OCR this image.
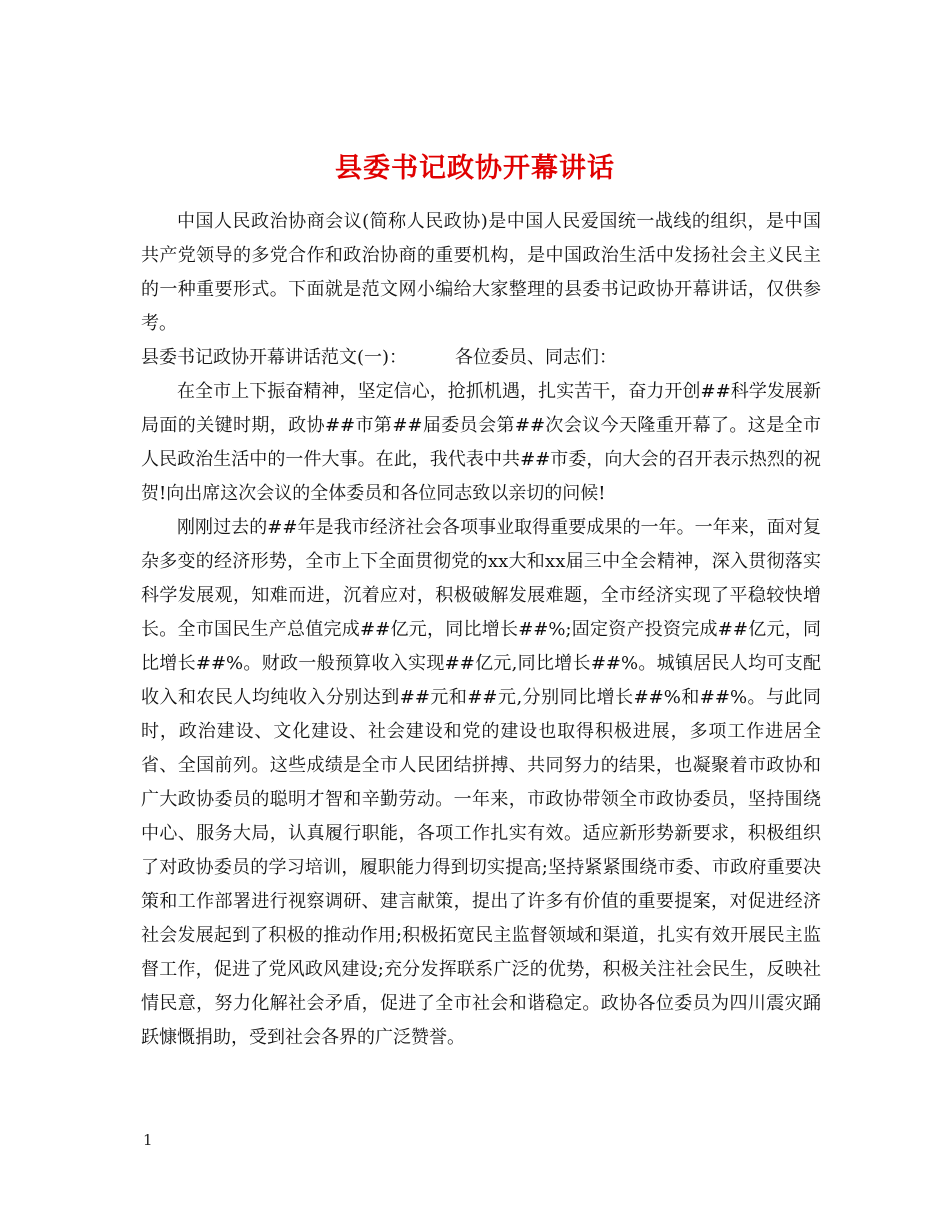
县委书记政协开幕讲话

中国人民政治协商会议(简称人民政协)是中国人民爱国统一战线的组织，是中国共产党领导的多党合作和政治协商的重要机构，是中国政治生活中发扬社会主义民主的一种重要形式。下面就是范文网小编给大家整理的县委书记政协开幕讲话，仅供参考。

县委书记政协开幕讲话范文(一)：	各位委员、同志们：

在全市上下振奋精神，坚定信心，抢抓机遇，扎实苦干，奋力开创##科学发展新局面的关键时期，政协##市第##届委员会第##次会议今天隆重开幕了。这是全市人民政治生活中的一件大事。在此，我代表中共##市委，向大会的召开表示热烈的祝贺!向出席这次会议的全体委员和各位同志致以亲切的问候!

刚刚过去的##年是我市经济社会各项事业取得重要成果的一年。一年来，面对复杂多变的经济形势，全市上下全面贯彻党的xx大和xx届三中全会精神，深入贯彻落实科学发展观，知难而进，沉着应对，积极破解发展难题，全市经济实现了平稳较快增长。全市国民生产总值完成##亿元，同比增长##%;固定资产投资完成##亿元，同比增长##%。财政一般预算收入实现##亿元,同比增长##%。城镇居民人均可支配收入和农民人均纯收入分别达到##元和##元,分别同比增长##%和##%。与此同时，政治建设、文化建设、社会建设和党的建设也取得积极进展，多项工作进居全省、全国前列。这些成绩是全市人民团结拼搏、共同努力的结果，也凝聚着市政协和广大政协委员的聪明才智和辛勤劳动。一年来，市政协带领全市政协委员，坚持围绕中心、服务大局，认真履行职能，各项工作扎实有效。适应新形势新要求，积极组织了对政协委员的学习培训，履职能力得到切实提高;坚持紧紧围绕市委、市政府重要决策和工作部署进行视察调研、建言献策，提出了许多有价值的重要提案，对促进经济社会发展起到了积极的推动作用;积极拓宽民主监督领域和渠道，扎实有效开展民主监督工作，促进了党风政风建设;充分发挥联系广泛的优势，积极关注社会民生，反映社情民意，努力化解社会矛盾，促进了全市社会和谐稳定。政协各位委员为四川震灾踊跃慷慨捐助，受到社会各界的广泛赞誉。

1
